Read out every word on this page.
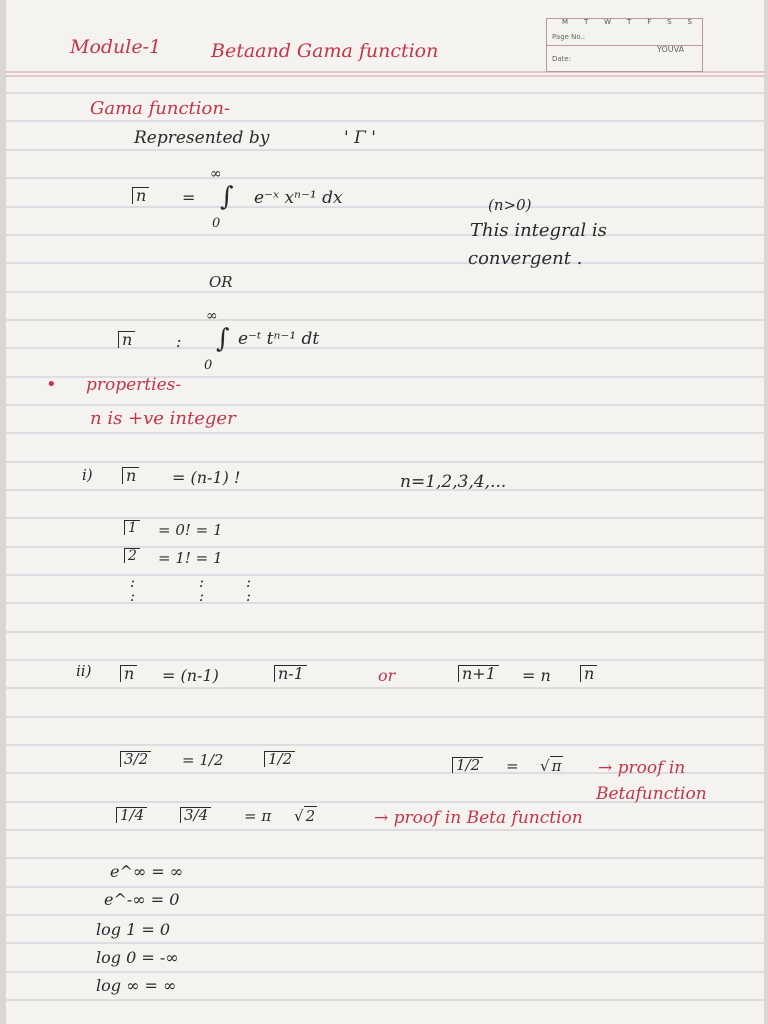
M T W T F S S
Page No.:
Date:
YOUVA
Module-1	Betaand Gama function
Gama function-
Represented by	' Γ '
n =
∞
∫
0
e⁻ˣ xⁿ⁻¹ dx	(n>0)
This integral is
convergent .
OR
n	:
∞
∫
0
e⁻ᵗ tⁿ⁻¹ dt
• properties-
n is +ve integer
i) n = (n-1) !	n=1,2,3,4,...
1 = 0! = 1
2 = 1! = 1
:
:
:
:
:
:
ii) n = (n-1)	n-1	or	n+1 = n n
3/2 = 1/2	1/2	1/2 = √ π → proof in
Betafunction
1/4	3/4 = π √ 2	→ proof in Beta function
e^∞ = ∞
e^-∞ = 0
log 1 = 0
log 0 = -∞
log ∞ = ∞
